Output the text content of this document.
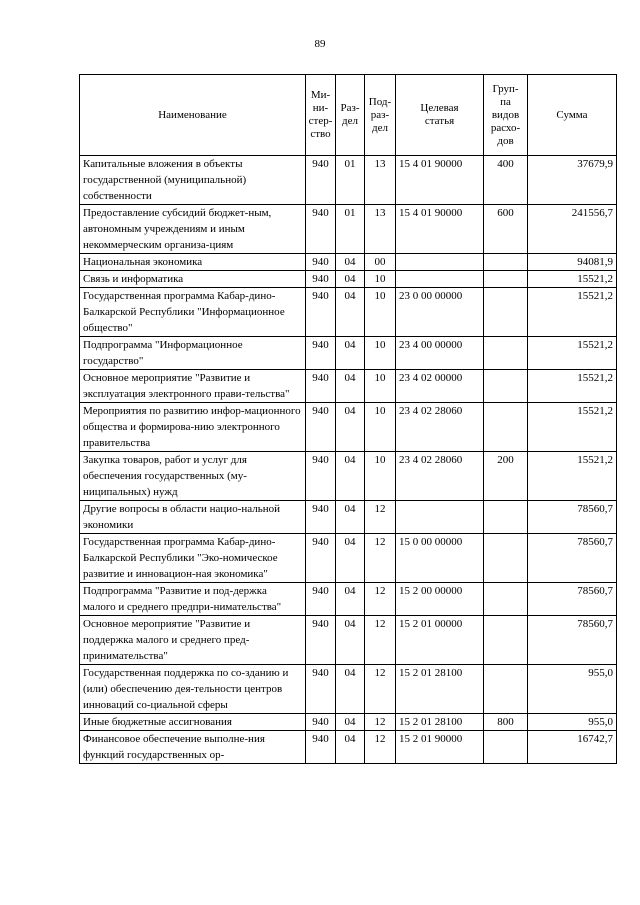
89
Наименование	Ми-
ни-
стер-
ство	Раз-
дел	Под-
раз-
дел	Целевая
статья	Груп-
па
видов
расхо-
дов	Сумма

Капитальные вложения в объекты государственной (муниципальной) собственности	940	01	13	15 4 01 90000	400	37679,9
Предоставление субсидий бюджет-ным, автономным учреждениям и иным некоммерческим организа-циям	940	01	13	15 4 01 90000	600	241556,7
Национальная экономика	940	04	00			94081,9
Связь и информатика	940	04	10			15521,2
Государственная программа Кабар-дино-Балкарской Республики "Информационное общество"	940	04	10	23 0 00 00000		15521,2
Подпрограмма "Информационное государство"	940	04	10	23 4 00 00000		15521,2
Основное мероприятие "Развитие и эксплуатация электронного прави-тельства"	940	04	10	23 4 02 00000		15521,2
Мероприятия по развитию инфор-мационного общества и формирова-нию электронного правительства	940	04	10	23 4 02 28060		15521,2
Закупка товаров, работ и услуг для обеспечения государственных (му-ниципальных) нужд	940	04	10	23 4 02 28060	200	15521,2
Другие вопросы в области нацио-нальной экономики	940	04	12			78560,7
Государственная программа Кабар-дино-Балкарской Республики "Эко-номическое развитие и инновацион-ная экономика"	940	04	12	15 0 00 00000		78560,7
Подпрограмма "Развитие и под-держка малого и среднего предпри-нимательства"	940	04	12	15 2 00 00000		78560,7
Основное мероприятие "Развитие и поддержка малого и среднего пред-принимательства"	940	04	12	15 2 01 00000		78560,7
Государственная поддержка по со-зданию и (или) обеспечению дея-тельности центров инноваций со-циальной сферы	940	04	12	15 2 01 28100		955,0
Иные бюджетные ассигнования	940	04	12	15 2 01 28100	800	955,0
Финансовое обеспечение выполне-ния функций государственных ор-	940	04	12	15 2 01 90000		16742,7
